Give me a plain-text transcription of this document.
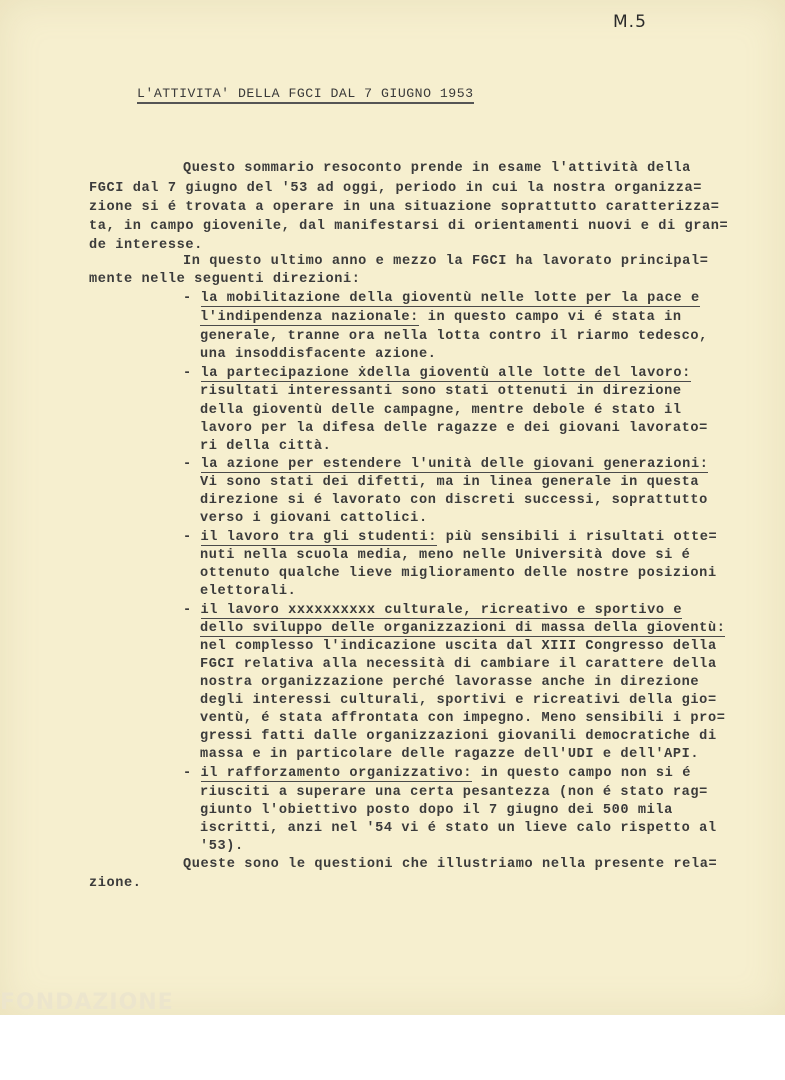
M.5
L'ATTIVITA' DELLA FGCI DAL 7 GIUGNO 1953
Questo sommario resoconto prende in esame l'attività della
FGCI dal 7 giugno del '53 ad oggi, periodo in cui la nostra organizza=
zione si é trovata a operare in una situazione soprattutto caratterizza=
ta, in campo giovenile, dal manifestarsi di orientamenti nuovi e di gran=
de interesse.
In questo ultimo anno e mezzo la FGCI ha lavorato principal=
mente nelle seguenti direzioni:
- la mobilitazione della gioventù nelle lotte per la pace e
l'indipendenza nazionale: in questo campo vi é stata in
generale, tranne ora nella lotta contro il riarmo tedesco,
una insoddisfacente azione.
- la partecipazione ẋdella gioventù alle lotte del lavoro:
risultati interessanti sono stati ottenuti in direzione
della gioventù delle campagne, mentre debole é stato il
lavoro per la difesa delle ragazze e dei giovani lavorato=
ri della città.
- la azione per estendere l'unità delle giovani generazioni:
Vi sono stati dei difetti, ma in linea generale in questa
direzione si é lavorato con discreti successi, soprattutto
verso i giovani cattolici.
- il lavoro tra gli studenti: più sensibili i risultati otte=
nuti nella scuola media, meno nelle Università dove si é
ottenuto qualche lieve miglioramento delle nostre posizioni
elettorali.
- il lavoro xxxxxxxxxx culturale, ricreativo e sportivo e
dello sviluppo delle organizzazioni di massa della gioventù:
nel complesso l'indicazione uscita dal XIII Congresso della
FGCI relativa alla necessità di cambiare il carattere della
nostra organizzazione perché lavorasse anche in direzione
degli interessi culturali, sportivi e ricreativi della gio=
ventù, é stata affrontata con impegno. Meno sensibili i pro=
gressi fatti dalle organizzazioni giovanili democratiche di
massa e in particolare delle ragazze dell'UDI e dell'API.
- il rafforzamento organizzativo: in questo campo non si é
riusciti a superare una certa pesantezza (non é stato rag=
giunto l'obiettivo posto dopo il 7 giugno dei 500 mila
iscritti, anzi nel '54 vi é stato un lieve calo rispetto al
'53).
Queste sono le questioni che illustriamo nella presente rela=
zione.
FONDAZIONE
